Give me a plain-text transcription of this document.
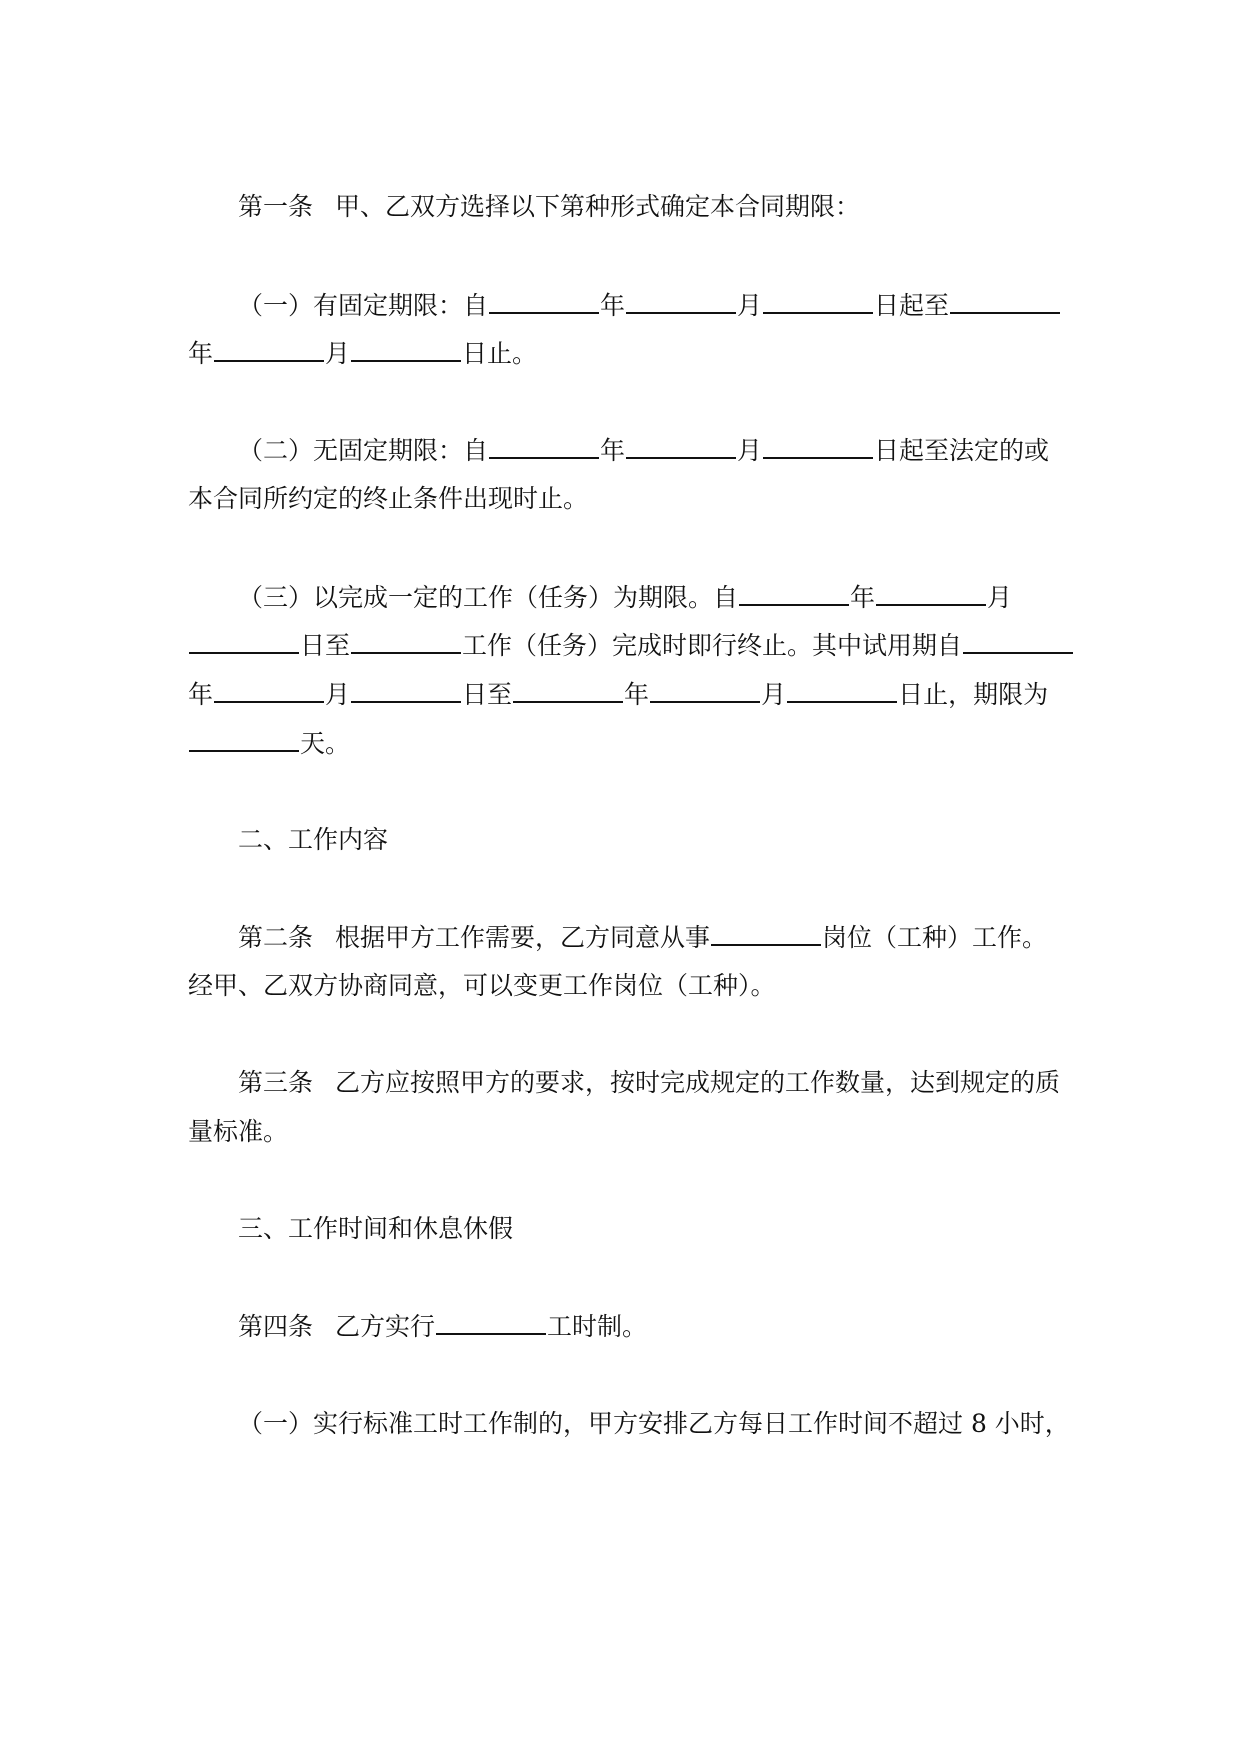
第一条 甲、乙双方选择以下第种形式确定本合同期限：
（一）有固定期限：自	年	月	日起至
年	月	日止。
（二）无固定期限：自	年	月	日起至法定的或
本合同所约定的终止条件出现时止。
（三）以完成一定的工作（任务）为期限。自	年	月
日至	工作（任务）完成时即行终止。其中试用期自
年	月	日至	年	月	日止，期限为
天。
二、工作内容
第二条 根据甲方工作需要，乙方同意从事	岗位（工种）工作。
经甲、乙双方协商同意，可以变更工作岗位（工种）。
第三条 乙方应按照甲方的要求，按时完成规定的工作数量，达到规定的质
量标准。
三、工作时间和休息休假
第四条 乙方实行	工时制。
（一）实行标准工时工作制的，甲方安排乙方每日工作时间不超过 8 小时，
